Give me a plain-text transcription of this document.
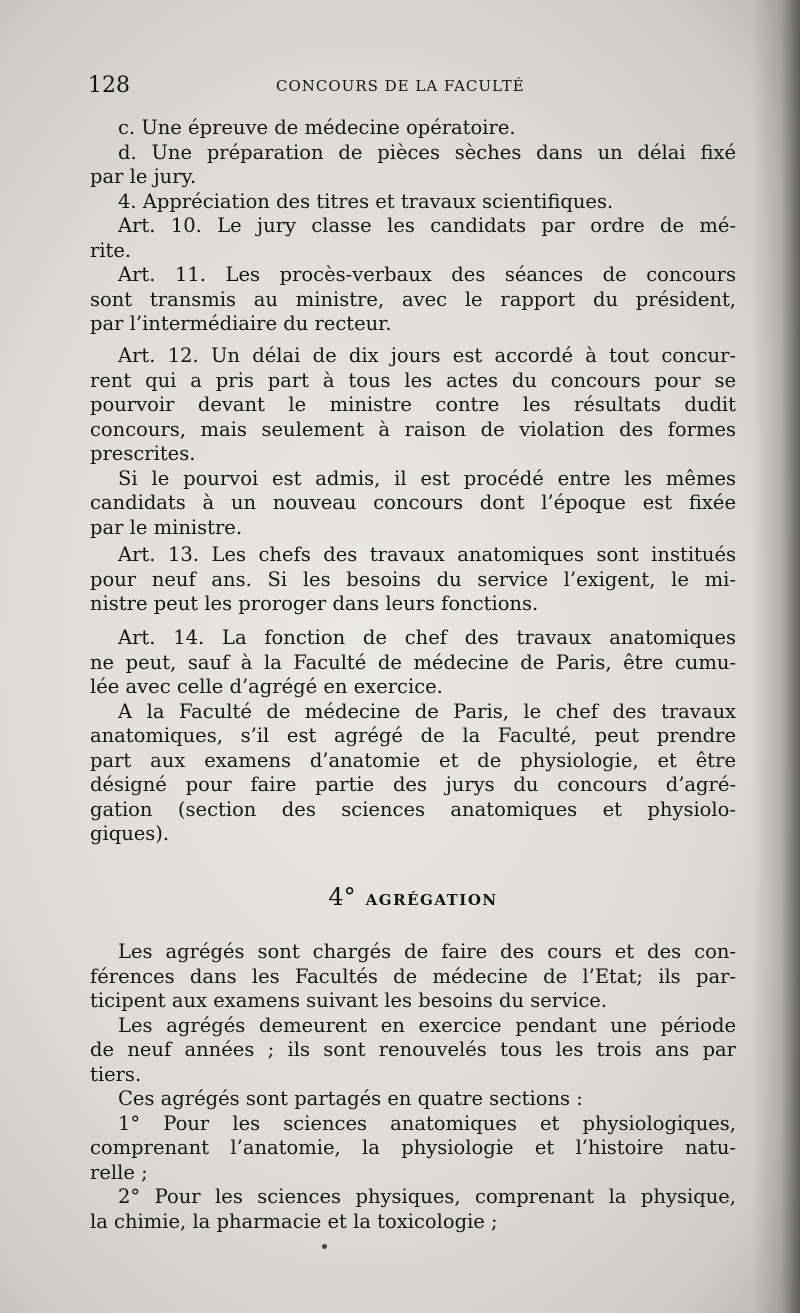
128	CONCOURS DE LA FACULTÉ
c. Une épreuve de médecine opératoire.
d. Une préparation de pièces sèches dans un délai fixé
par le jury.
4. Appréciation des titres et travaux scientifiques.
Art. 10. Le jury classe les candidats par ordre de mé-
rite.
Art. 11. Les procès-verbaux des séances de concours
sont transmis au ministre, avec le rapport du président,
par l’intermédiaire du recteur.
Art. 12. Un délai de dix jours est accordé à tout concur-
rent qui a pris part à tous les actes du concours pour se
pourvoir devant le ministre contre les résultats dudit
concours, mais seulement à raison de violation des formes
prescrites.
Si le pourvoi est admis, il est procédé entre les mêmes
candidats à un nouveau concours dont l’époque est fixée
par le ministre.
Art. 13. Les chefs des travaux anatomiques sont institués
pour neuf ans. Si les besoins du service l’exigent, le mi-
nistre peut les proroger dans leurs fonctions.
Art. 14. La fonction de chef des travaux anatomiques
ne peut, sauf à la Faculté de médecine de Paris, être cumu-
lée avec celle d’agrégé en exercice.
A la Faculté de médecine de Paris, le chef des travaux
anatomiques, s’il est agrégé de la Faculté, peut prendre
part aux examens d’anatomie et de physiologie, et être
désigné pour faire partie des jurys du concours d’agré-
gation (section des sciences anatomiques et physiolo-
giques).
4° AGRÉGATION
Les agrégés sont chargés de faire des cours et des con-
férences dans les Facultés de médecine de l’Etat; ils par-
ticipent aux examens suivant les besoins du service.
Les agrégés demeurent en exercice pendant une période
de neuf années ; ils sont renouvelés tous les trois ans par
tiers.
Ces agrégés sont partagés en quatre sections :
1° Pour les sciences anatomiques et physiologiques,
comprenant l’anatomie, la physiologie et l’histoire natu-
relle ;
2° Pour les sciences physiques, comprenant la physique,
la chimie, la pharmacie et la toxicologie ;
